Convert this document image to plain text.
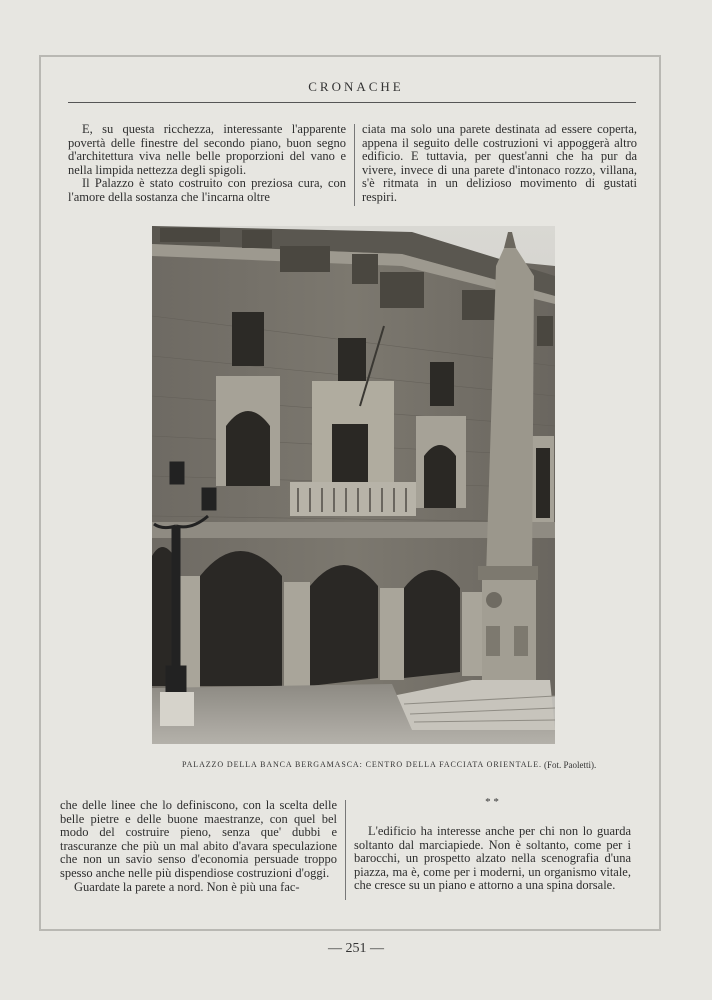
CRONACHE

E, su questa ricchezza, interessante l'apparente povertà delle finestre del secondo piano, buon segno d'architettura viva nelle belle proporzioni del vano e nella limpida nettezza degli spigoli.

Il Palazzo è stato costruito con preziosa cura, con l'amore della sostanza che l'incarna oltre

ciata ma solo una parete destinata ad essere coperta, appena il seguito delle costruzioni vi appoggerà altro edificio. E tuttavia, per quest'anni che ha pur da vivere, invece di una parete d'intonaco rozzo, villana, s'è ritmata in un delizioso movimento di gustati respiri.

PALAZZO DELLA BANCA BERGAMASCA: CENTRO DELLA FACCIATA ORIENTALE. (Fot. Paoletti).

che delle linee che lo definiscono, con la scelta delle belle pietre e delle buone maestranze, con quel bel modo del costruire pieno, senza que' dubbi e trascuranze che più un mal abito d'avara speculazione che non un savio senso d'economia persuade troppo spesso anche nelle più dispendiose costruzioni d'oggi.

Guardate la parete a nord. Non è più una fac-

* *

L'edificio ha interesse anche per chi non lo guarda soltanto dal marciapiede. Non è soltanto, come per i barocchi, un prospetto alzato nella scenografia d'una piazza, ma è, come per i moderni, un organismo vitale, che cresce su un piano e attorno a una spina dorsale.

— 251 —
